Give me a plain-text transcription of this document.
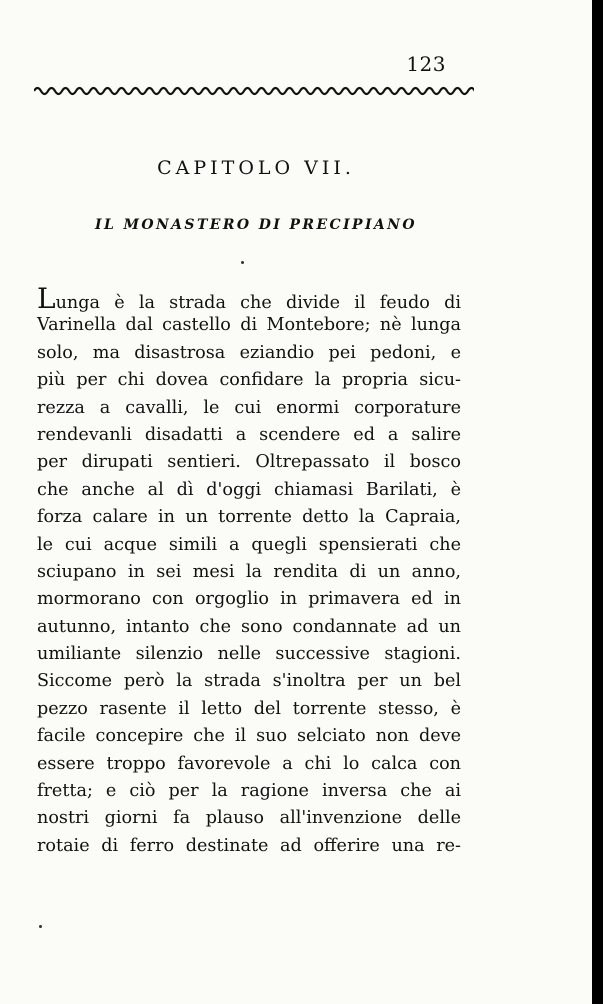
123
CAPITOLO VII.
IL MONASTERO DI PRECIPIANO
Lunga è la strada che divide il feudo di
Varinella dal castello di Montebore; nè lunga
solo, ma disastrosa eziandio pei pedoni, e
più per chi dovea confidare la propria sicu-
rezza a cavalli, le cui enormi corporature
rendevanli disadatti a scendere ed a salire
per dirupati sentieri. Oltrepassato il bosco
che anche al dì d'oggi chiamasi Barilati, è
forza calare in un torrente detto la Capraia,
le cui acque simili a quegli spensierati che
sciupano in sei mesi la rendita di un anno,
mormorano con orgoglio in primavera ed in
autunno, intanto che sono condannate ad un
umiliante silenzio nelle successive stagioni.
Siccome però la strada s'inoltra per un bel
pezzo rasente il letto del torrente stesso, è
facile concepire che il suo selciato non deve
essere troppo favorevole a chi lo calca con
fretta; e ciò per la ragione inversa che ai
nostri giorni fa plauso all'invenzione delle
rotaie di ferro destinate ad offerire una re-
